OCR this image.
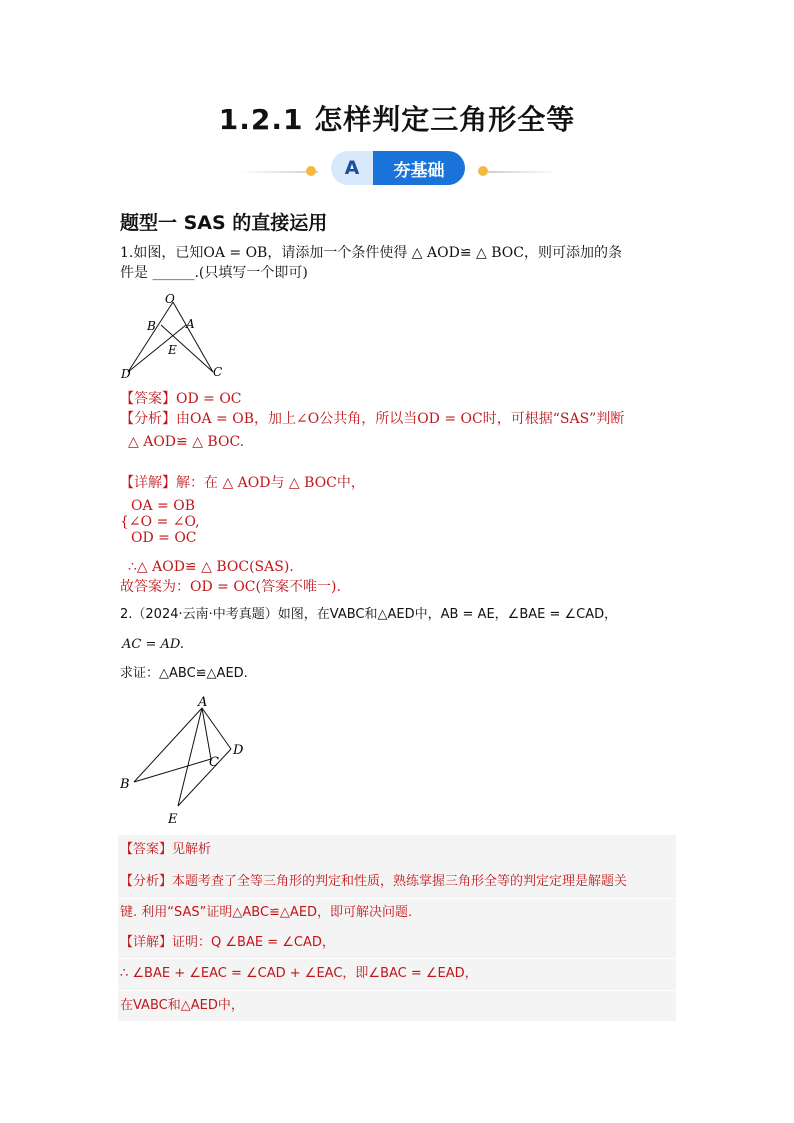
1.2.1 怎样判定三角形全等
A	夯基础
题型一 SAS 的直接运用
1.如图，已知OA = OB，请添加一个条件使得 △ AOD≌ △ BOC，则可添加的条
件是 ______.(只填写一个即可)
O
B	A
E
D	C
【答案】OD = OC
【分析】由OA = OB，加上∠O公共角，所以当OD = OC时，可根据“SAS”判断
△ AOD≌ △ BOC.
【详解】解：在 △ AOD与 △ BOC中，
OA = OB
{∠O = ∠O,
OD = OC
∴△ AOD≌ △ BOC(SAS).
故答案为：OD = OC(答案不唯一).
2.（2024·云南·中考真题）如图，在VABC和△AED中，AB = AE，∠BAE = ∠CAD，
AC = AD.
求证：△ABC≌△AED.
A
D
C
B
E
【答案】见解析
【分析】本题考查了全等三角形的判定和性质，熟练掌握三角形全等的判定定理是解题关
键. 利用“SAS”证明△ABC≌△AED，即可解决问题.
【详解】证明：Q ∠BAE = ∠CAD，
∴ ∠BAE + ∠EAC = ∠CAD + ∠EAC，即∠BAC = ∠EAD，
在VABC和△AED中，
